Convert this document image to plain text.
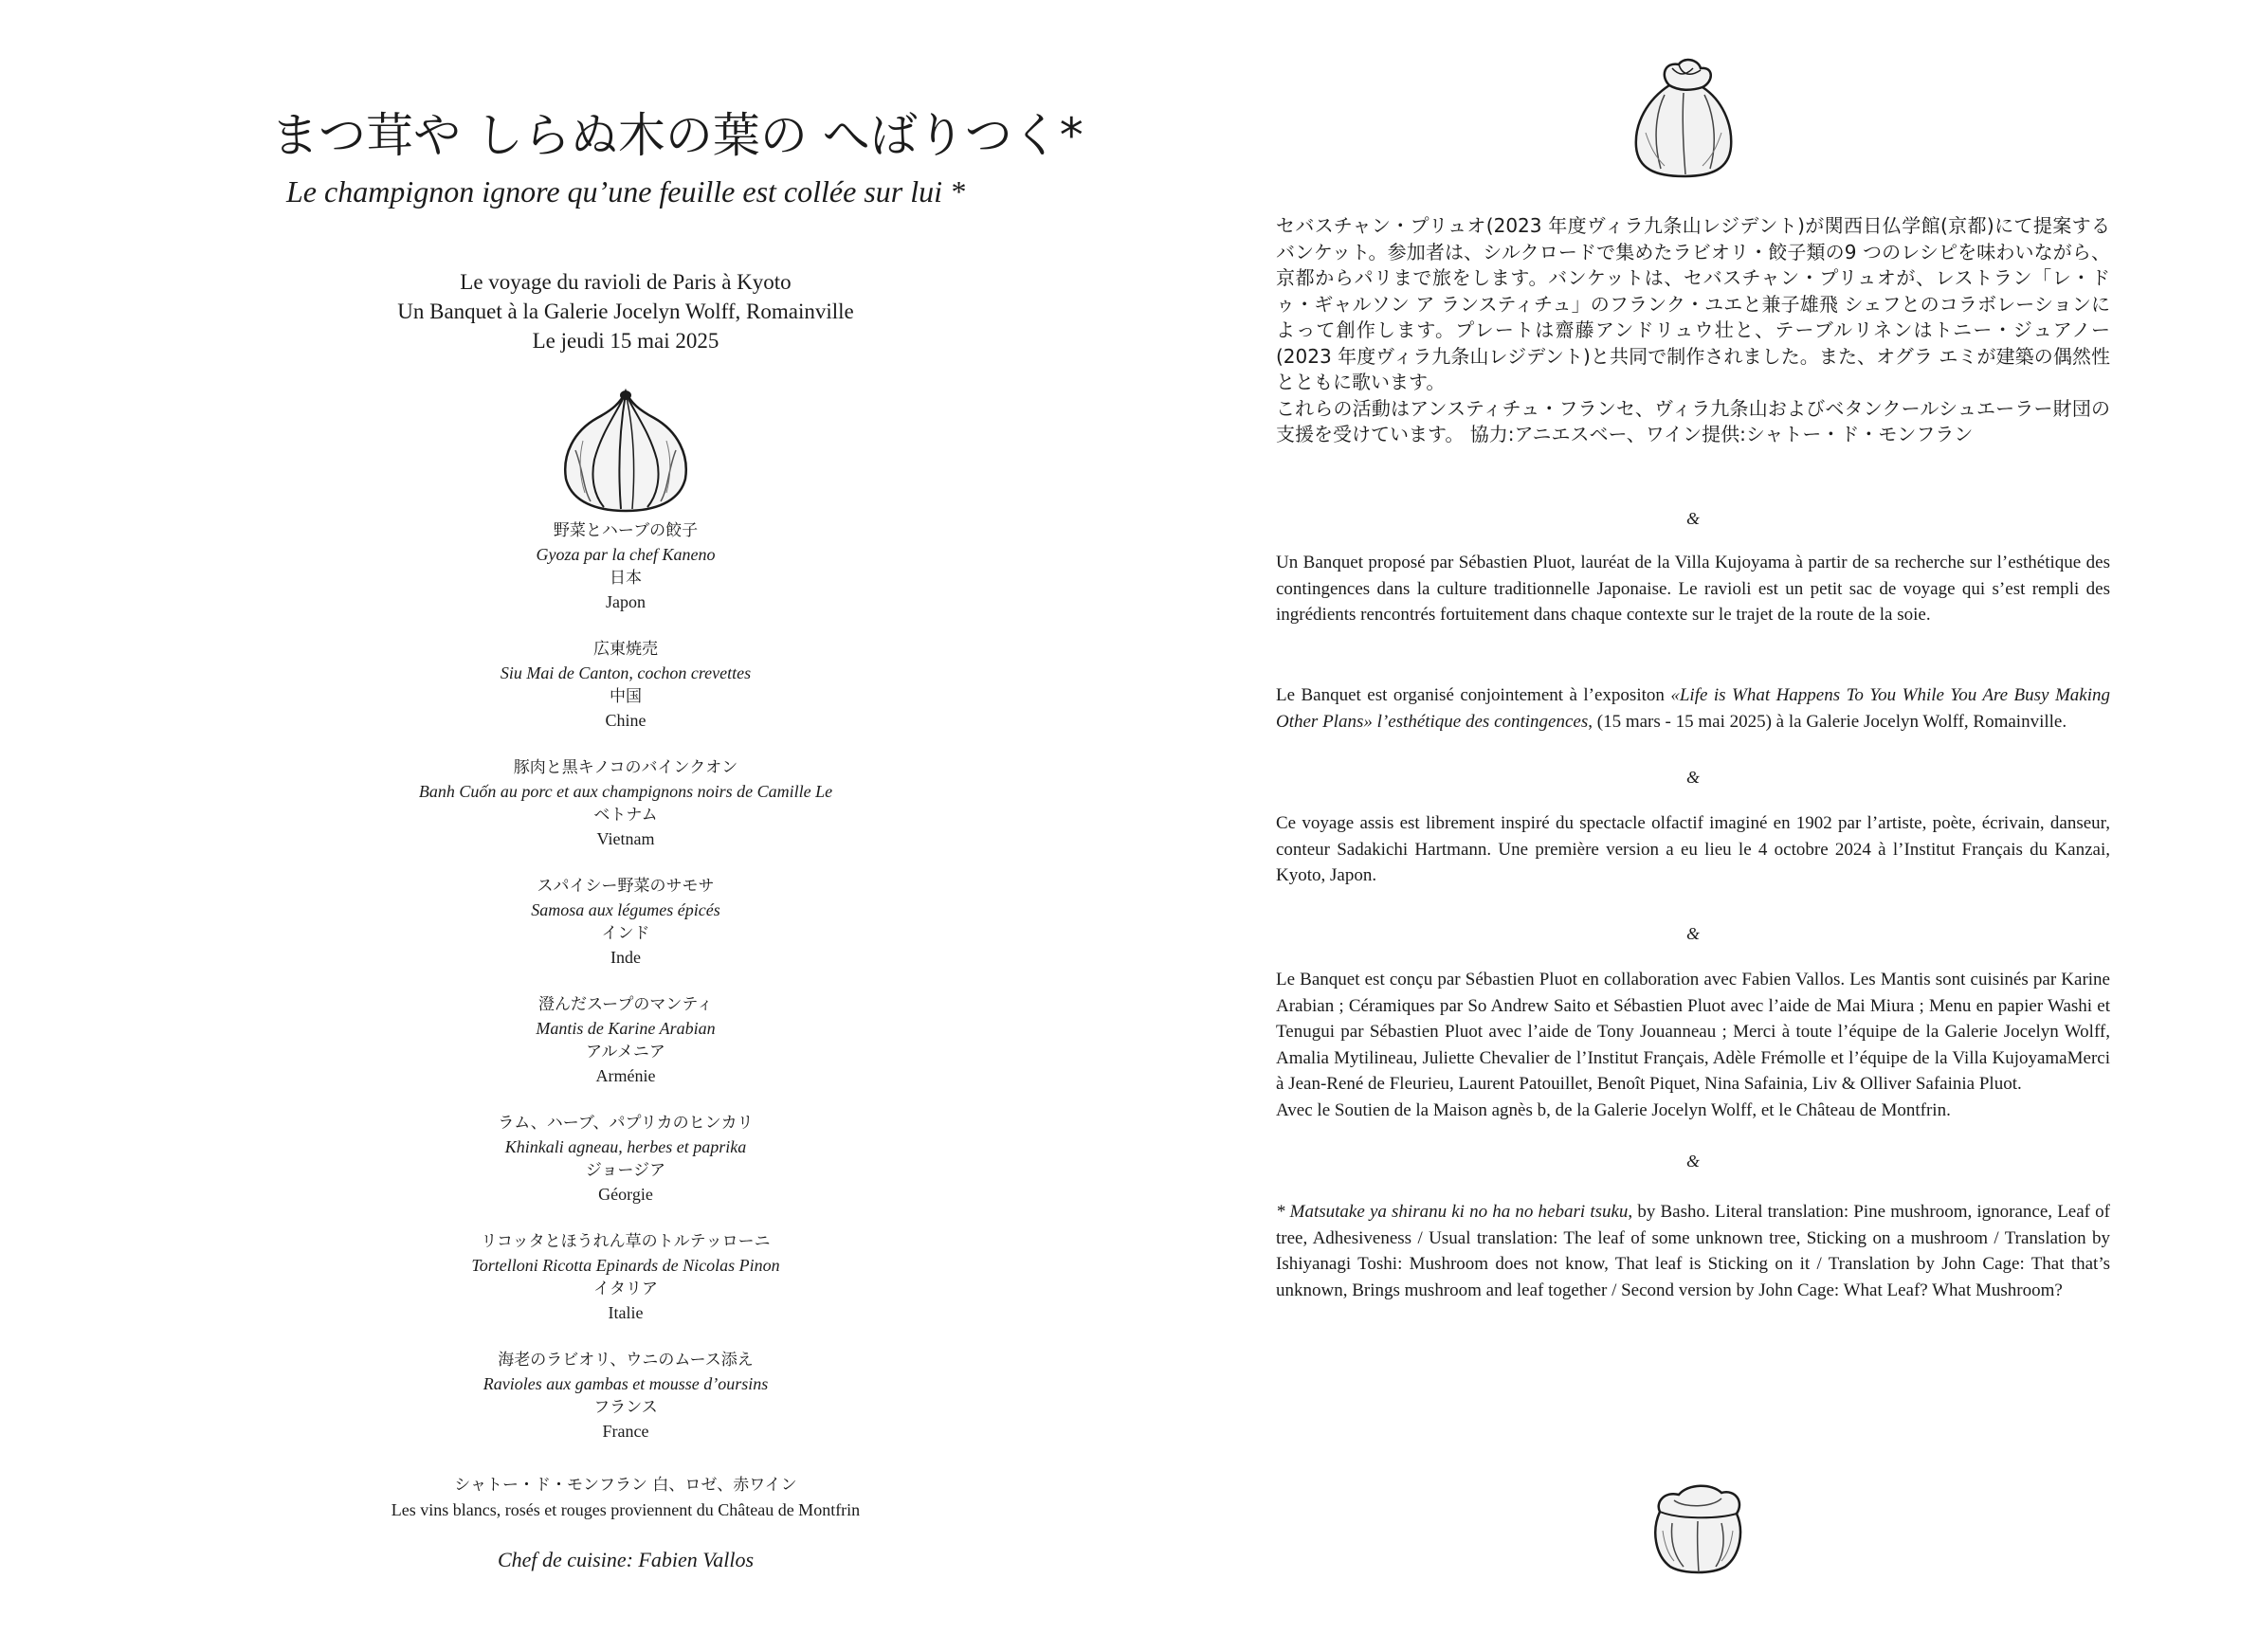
まつ茸や しらぬ木の葉の へばりつく*
Le champignon ignore qu’une feuille est collée sur lui *
Le voyage du ravioli de Paris à Kyoto
Un Banquet à la Galerie Jocelyn Wolff, Romainville
Le jeudi 15 mai 2025
野菜とハーブの餃子
Gyoza par la chef Kaneno
日本
Japon
広東焼売
Siu Mai de Canton, cochon crevettes
中国
Chine
豚肉と黒キノコのバインクオン
Banh Cuốn au porc et aux champignons noirs de Camille Le
ベトナム
Vietnam
スパイシー野菜のサモサ
Samosa aux légumes épicés
インド
Inde
澄んだスープのマンティ
Mantis de Karine Arabian
アルメニア
Arménie
ラム、ハーブ、パプリカのヒンカリ
Khinkali agneau, herbes et paprika
ジョージア
Géorgie
リコッタとほうれん草のトルテッローニ
Tortelloni Ricotta Epinards de Nicolas Pinon
イタリア
Italie
海老のラビオリ、ウニのムース添え
Ravioles aux gambas et mousse d’oursins
フランス
France
シャトー・ド・モンフラン 白、ロゼ、赤ワイン
Les vins blancs, rosés et rouges proviennent du Château de Montfrin
Chef de cuisine: Fabien Vallos

セバスチャン・プリュオ(2023 年度ヴィラ九条山レジデント)が関西日仏学館(京都)にて提案するバンケット。参加者は、シルクロードで集めたラビオリ・餃子類の9 つのレシピを味わいながら、京都からパリまで旅をします。バンケットは、セバスチャン・プリュオが、レストラン「レ・ドゥ・ギャルソン ア ランスティチュ」のフランク・ユエと兼子雄飛 シェフとのコラボレーションによって創作します。プレートは齋藤アンドリュウ壮と、テーブルリネンはトニー・ジュアノー(2023 年度ヴィラ九条山レジデント)と共同で制作されました。また、オグラ エミが建築の偶然性とともに歌います。

これらの活動はアンスティチュ・フランセ、ヴィラ九条山およびベタンクールシュエーラー財団の支援を受けています。 協力:アニエスベー、ワイン提供:シャトー・ド・モンフラン

&

Un Banquet proposé par Sébastien Pluot, lauréat de la Villa Kujoyama à partir de sa recherche sur l’esthétique des contingences dans la culture traditionnelle Japonaise. Le ravioli est un petit sac de voyage qui s’est rempli des ingrédients rencontrés fortuitement dans chaque contexte sur le trajet de la route de la soie.

Le Banquet est organisé conjointement à l’expositon «Life is What Happens To You While You Are Busy Making Other Plans» l’esthétique des contingences, (15 mars - 15 mai 2025) à la Galerie Jocelyn Wolff, Romainville.

&

Ce voyage assis est librement inspiré du spectacle olfactif imaginé en 1902 par l’artiste, poète, écrivain, danseur, conteur Sadakichi Hartmann. Une première version a eu lieu le 4 octobre 2024 à l’Institut Français du Kanzai, Kyoto, Japon.

&

Le Banquet est conçu par Sébastien Pluot en collaboration avec Fabien Vallos. Les Mantis sont cuisinés par Karine Arabian ; Céramiques par So Andrew Saito et Sébastien Pluot avec l’aide de Mai Miura ; Menu en papier Washi et Tenugui par Sébastien Pluot avec l’aide de Tony Jouanneau ; Merci à toute l’équipe de la Galerie Jocelyn Wolff, Amalia Mytilineau, Juliette Chevalier de l’Institut Français, Adèle Frémolle et l’équipe de la Villa KujoyamaMerci à Jean-René de Fleurieu, Laurent Patouillet, Benoît Piquet, Nina Safainia, Liv & Olliver Safainia Pluot.

Avec le Soutien de la Maison agnès b, de la Galerie Jocelyn Wolff, et le Château de Montfrin.

&

* Matsutake ya shiranu ki no ha no hebari tsuku, by Basho. Literal translation: Pine mushroom, ignorance, Leaf of tree, Adhesiveness / Usual translation: The leaf of some unknown tree, Sticking on a mushroom / Translation by Ishiyanagi Toshi: Mushroom does not know, That leaf is Sticking on it / Translation by John Cage: That that’s unknown, Brings mushroom and leaf together / Second version by John Cage: What Leaf? What Mushroom?
